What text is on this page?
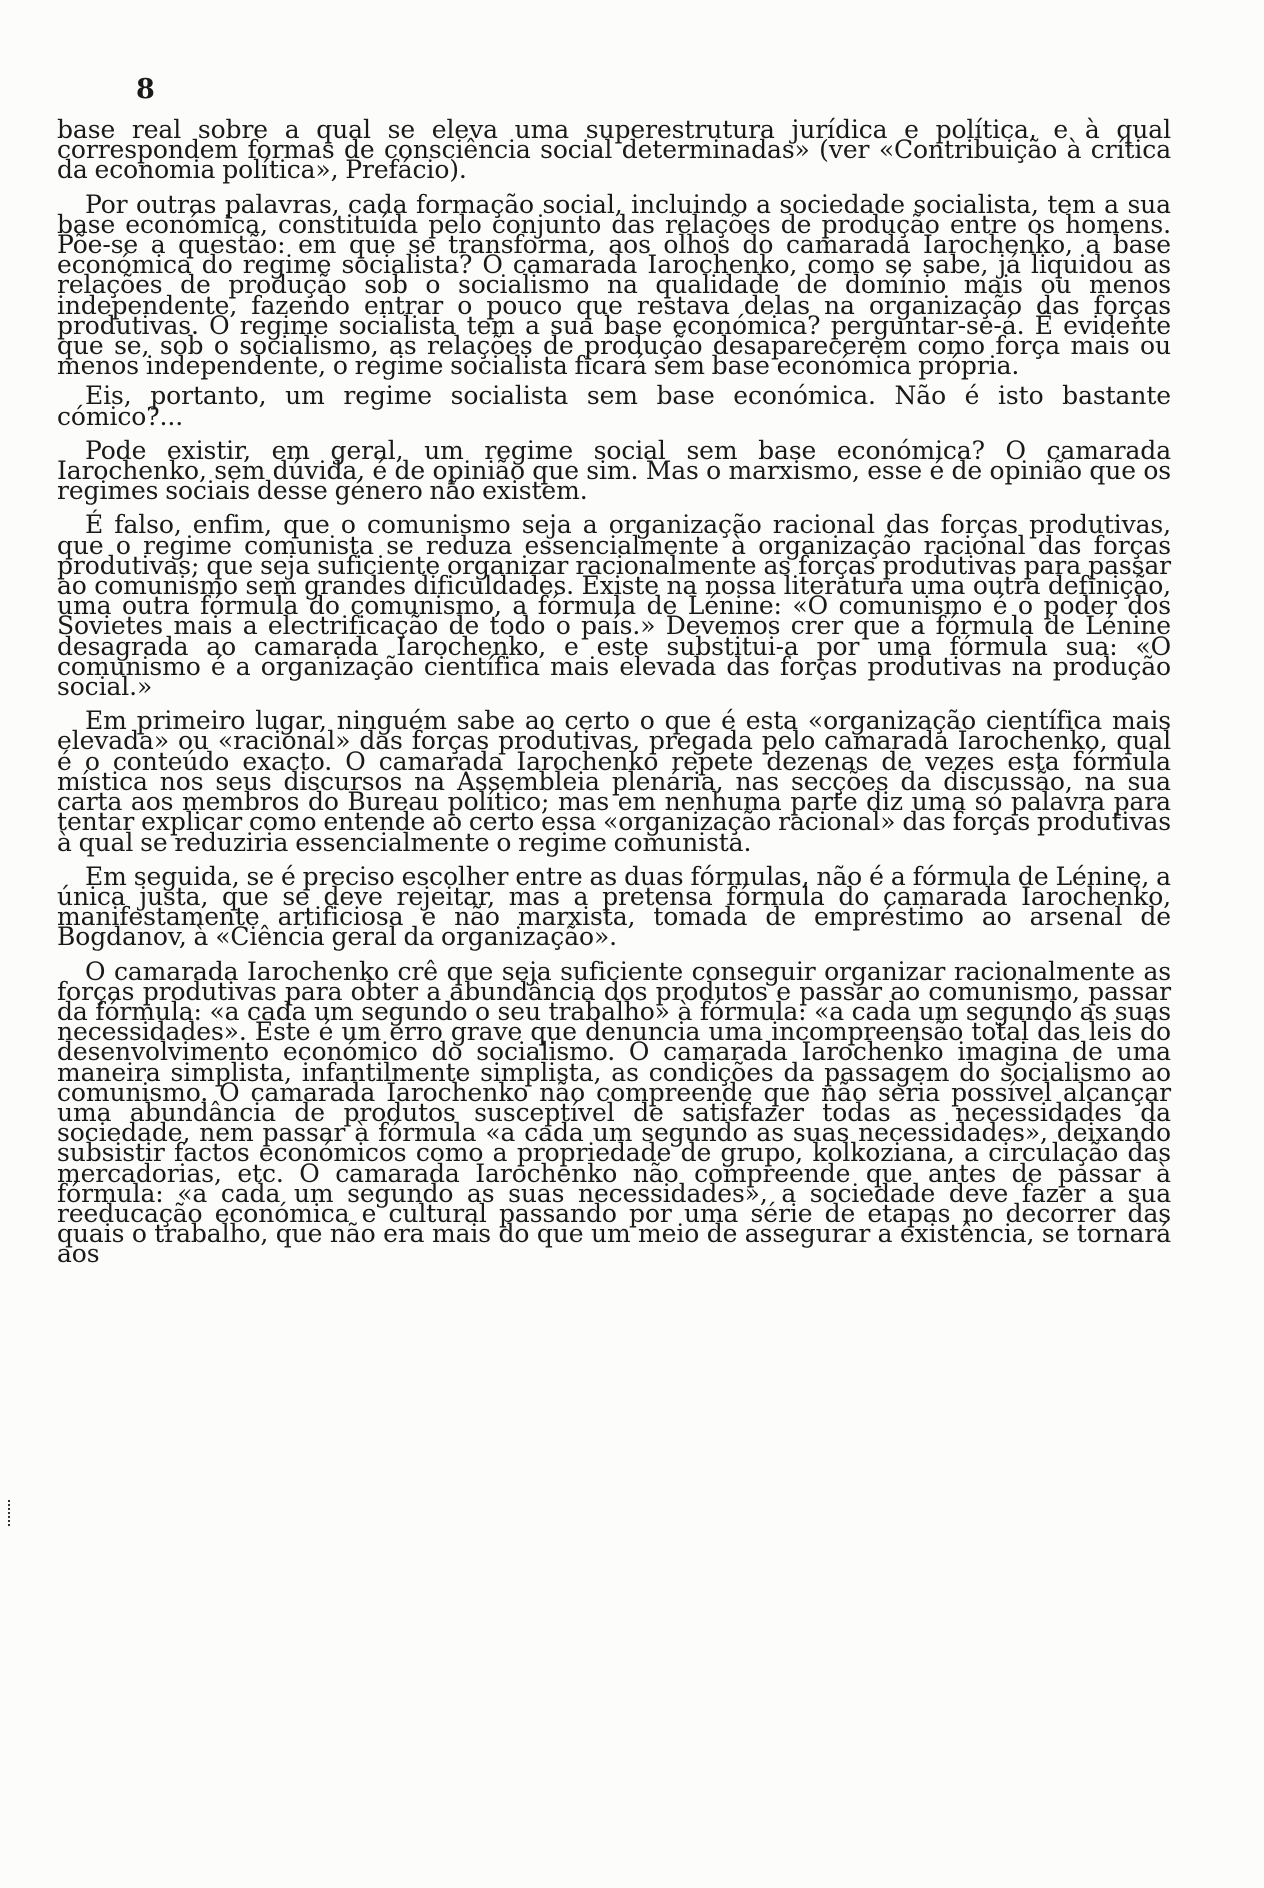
8

base real sobre a qual se eleva uma superestrutura jurídica e política, e à qual correspondem formas de consciência social determinadas» (ver «Contribuição à crítica da economia política», Prefácio).

Por outras palavras, cada formação social, incluindo a sociedade socialista, tem a sua base económica, constituída pelo conjunto das relações de produção entre os homens. Põe-se a questão: em que se transforma, aos olhos do camarada Iarochenko, a base económica do regime socialista? O camarada Iarochenko, como se sabe, já liquidou as relações de produção sob o socialismo na qualidade de domínio mais ou menos independente, fazendo entrar o pouco que restava delas na organização das forças produtivas. O regime socialista tem a sua base económica? perguntar-se-á. É evidente que se, sob o socialismo, as relações de produção desaparecerem como força mais ou menos independente, o regime socialista ficará sem base económica própria.

Eis, portanto, um regime socialista sem base económica. Não é isto bastante cómico?...

Pode existir, em geral, um regime social sem base económica? O camarada Iarochenko, sem dúvida, é de opinião que sim. Mas o marxismo, esse é de opinião que os regimes sociais desse género não existem.

É falso, enfim, que o comunismo seja a organização racional das forças produtivas, que o regime comunista se reduza essencialmente à organização racional das forças produtivas; que seja suficiente organizar racionalmente as forças produtivas para passar ao comunismo sem grandes dificuldades. Existe na nossa literatura uma outra definição, uma outra fórmula do comunismo, a fórmula de Lénine: «O comunismo é o poder dos Sovietes mais a electrificação de todo o país.» Devemos crer que a fórmula de Lénine desagrada ao camarada Iarochenko, e este substitui-a por uma fórmula sua: «O comunismo é a organização científica mais elevada das forças produtivas na produção social.»

Em primeiro lugar, ninguém sabe ao certo o que é esta «organização científica mais elevada» ou «racional» das forças produtivas, pregada pelo camarada Iarochenko, qual é o conteúdo exacto. O camarada Iarochenko repete dezenas de vezes esta fórmula mística nos seus discursos na Assembleia plenária, nas secções da discussão, na sua carta aos membros do Bureau político; mas em nenhuma parte diz uma só palavra para tentar explicar como entende ao certo essa «organização racional» das forças produtivas à qual se reduziria essencialmente o regime comunista.

Em seguida, se é preciso escolher entre as duas fórmulas, não é a fórmula de Lénine, a única justa, que se deve rejeitar, mas a pretensa fórmula do camarada Iarochenko, manifestamente artificiosa e não marxista, tomada de empréstimo ao arsenal de Bogdanov, à «Ciência geral da organização».

O camarada Iarochenko crê que seja suficiente conseguir organizar racionalmente as forças produtivas para obter a abundância dos produtos e passar ao comunismo, passar da fórmula: «a cada um segundo o seu trabalho» à fórmula: «a cada um segundo as suas necessidades». Este é um erro grave que denuncia uma incompreensão total das leis do desenvolvimento económico do socialismo. O camarada Iarochenko imagina de uma maneira simplista, infantilmente simplista, as condições da passagem do socialismo ao comunismo. O camarada Iarochenko não compreende que não seria possível alcançar uma abundância de produtos susceptível de satisfazer todas as necessidades da sociedade, nem passar à fórmula «a cada um segundo as suas necessidades», deixando subsistir factos económicos como a propriedade de grupo, kolkoziana, a circulação das mercadorias, etc. O camarada Iarochenko não compreende que antes de passar à fórmula: «a cada um segundo as suas necessidades», a sociedade deve fazer a sua reeducação económica e cultural passando por uma série de etapas no decorrer das quais o trabalho, que não era mais do que um meio de assegurar a existência, se tornará aos
